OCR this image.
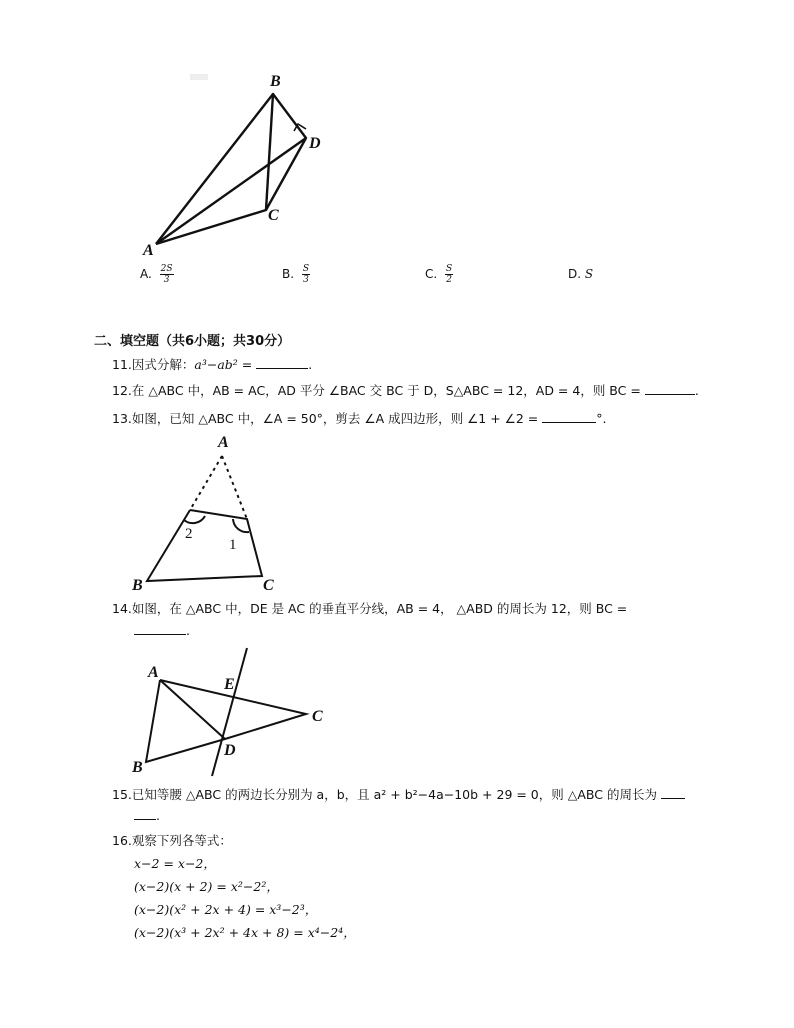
B
D
C
A
A. $\frac{2S}{3}$	B. $\frac{S}{3}$	C. $\frac{S}{2}$	D. S
二、填空题（共6小题；共30分）
11.因式分解：a³−ab² =	.
12.在 △ABC 中，AB = AC，AD 平分 ∠BAC 交 BC 于 D，S△ABC = 12，AD = 4，则 BC =	.
13.如图，已知 △ABC 中，∠A = 50°，剪去 ∠A 成四边形，则 ∠1 + ∠2 =	°.
A
2
1
B	C
14.如图，在 △ABC 中，DE 是 AC 的垂直平分线，AB = 4， △ABD 的周长为 12，则 BC =
.
A
E
C
D
B
15.已知等腰 △ABC 的两边长分别为 a，b，且 a² + b²−4a−10b + 29 = 0，则 △ABC 的周长为
.
16.观察下列各等式：
x−2 = x−2，
(x−2)(x + 2) = x²−2²，
(x−2)(x² + 2x + 4) = x³−2³，
(x−2)(x³ + 2x² + 4x + 8) = x⁴−2⁴，
